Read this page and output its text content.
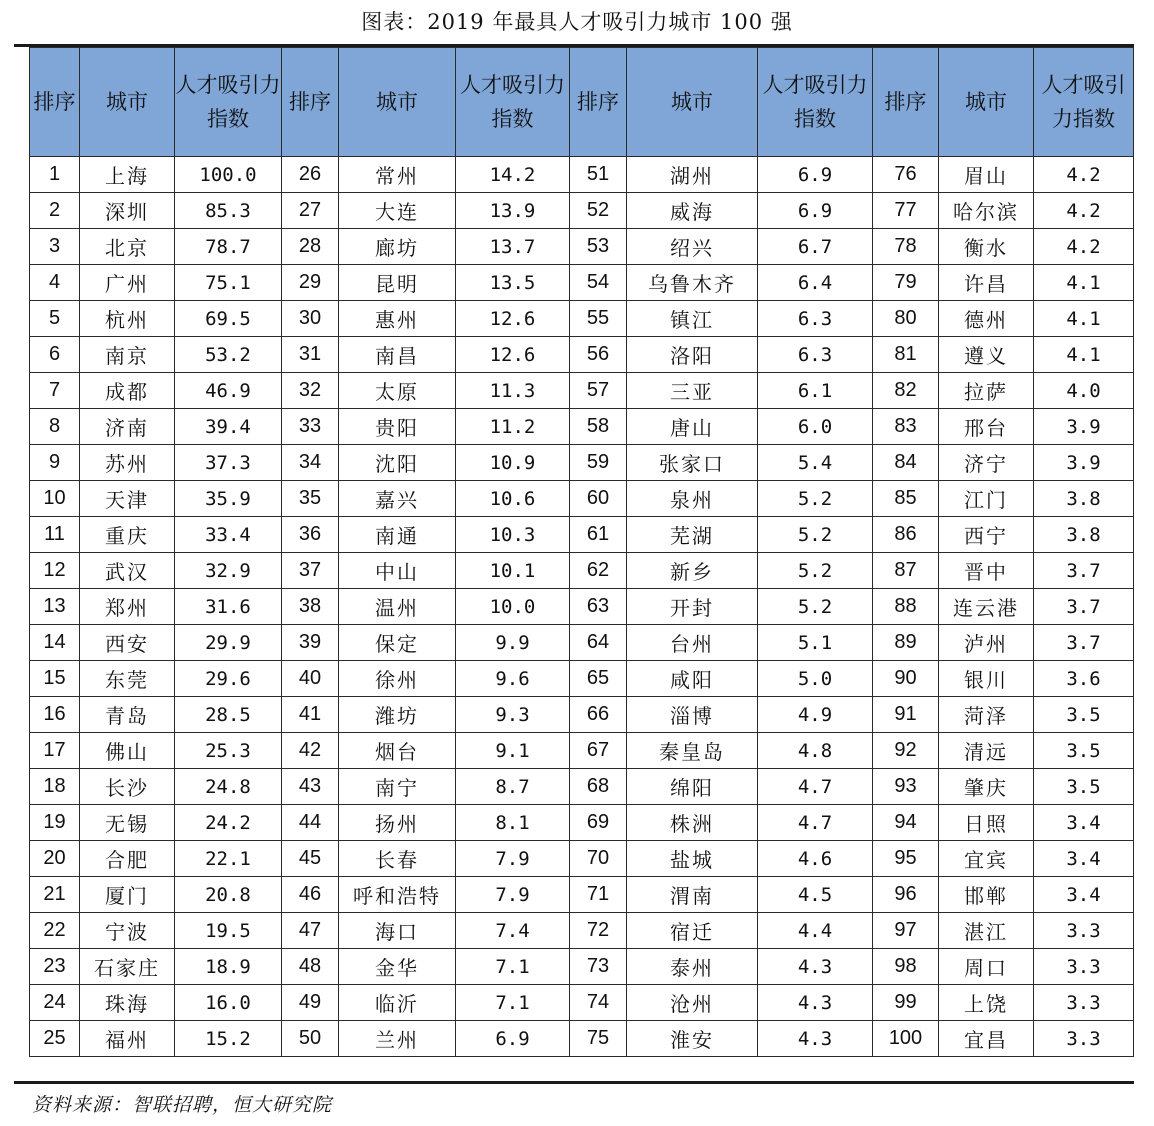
图表：2019 年最具人才吸引力城市 100 强
排序	城市	人才吸引力指数	排序	城市	人才吸引力指数	排序	城市	人才吸引力指数	排序	城市	人才吸引力指数
1	上海	100.0	26	常州	14.2	51	湖州	6.9	76	眉山	4.2
2	深圳	85.3	27	大连	13.9	52	威海	6.9	77	哈尔滨	4.2
3	北京	78.7	28	廊坊	13.7	53	绍兴	6.7	78	衡水	4.2
4	广州	75.1	29	昆明	13.5	54	乌鲁木齐	6.4	79	许昌	4.1
5	杭州	69.5	30	惠州	12.6	55	镇江	6.3	80	德州	4.1
6	南京	53.2	31	南昌	12.6	56	洛阳	6.3	81	遵义	4.1
7	成都	46.9	32	太原	11.3	57	三亚	6.1	82	拉萨	4.0
8	济南	39.4	33	贵阳	11.2	58	唐山	6.0	83	邢台	3.9
9	苏州	37.3	34	沈阳	10.9	59	张家口	5.4	84	济宁	3.9
10	天津	35.9	35	嘉兴	10.6	60	泉州	5.2	85	江门	3.8
11	重庆	33.4	36	南通	10.3	61	芜湖	5.2	86	西宁	3.8
12	武汉	32.9	37	中山	10.1	62	新乡	5.2	87	晋中	3.7
13	郑州	31.6	38	温州	10.0	63	开封	5.2	88	连云港	3.7
14	西安	29.9	39	保定	9.9	64	台州	5.1	89	泸州	3.7
15	东莞	29.6	40	徐州	9.6	65	咸阳	5.0	90	银川	3.6
16	青岛	28.5	41	潍坊	9.3	66	淄博	4.9	91	菏泽	3.5
17	佛山	25.3	42	烟台	9.1	67	秦皇岛	4.8	92	清远	3.5
18	长沙	24.8	43	南宁	8.7	68	绵阳	4.7	93	肇庆	3.5
19	无锡	24.2	44	扬州	8.1	69	株洲	4.7	94	日照	3.4
20	合肥	22.1	45	长春	7.9	70	盐城	4.6	95	宜宾	3.4
21	厦门	20.8	46	呼和浩特	7.9	71	渭南	4.5	96	邯郸	3.4
22	宁波	19.5	47	海口	7.4	72	宿迁	4.4	97	湛江	3.3
23	石家庄	18.9	48	金华	7.1	73	泰州	4.3	98	周口	3.3
24	珠海	16.0	49	临沂	7.1	74	沧州	4.3	99	上饶	3.3
25	福州	15.2	50	兰州	6.9	75	淮安	4.3	100	宜昌	3.3
资料来源：智联招聘，恒大研究院
